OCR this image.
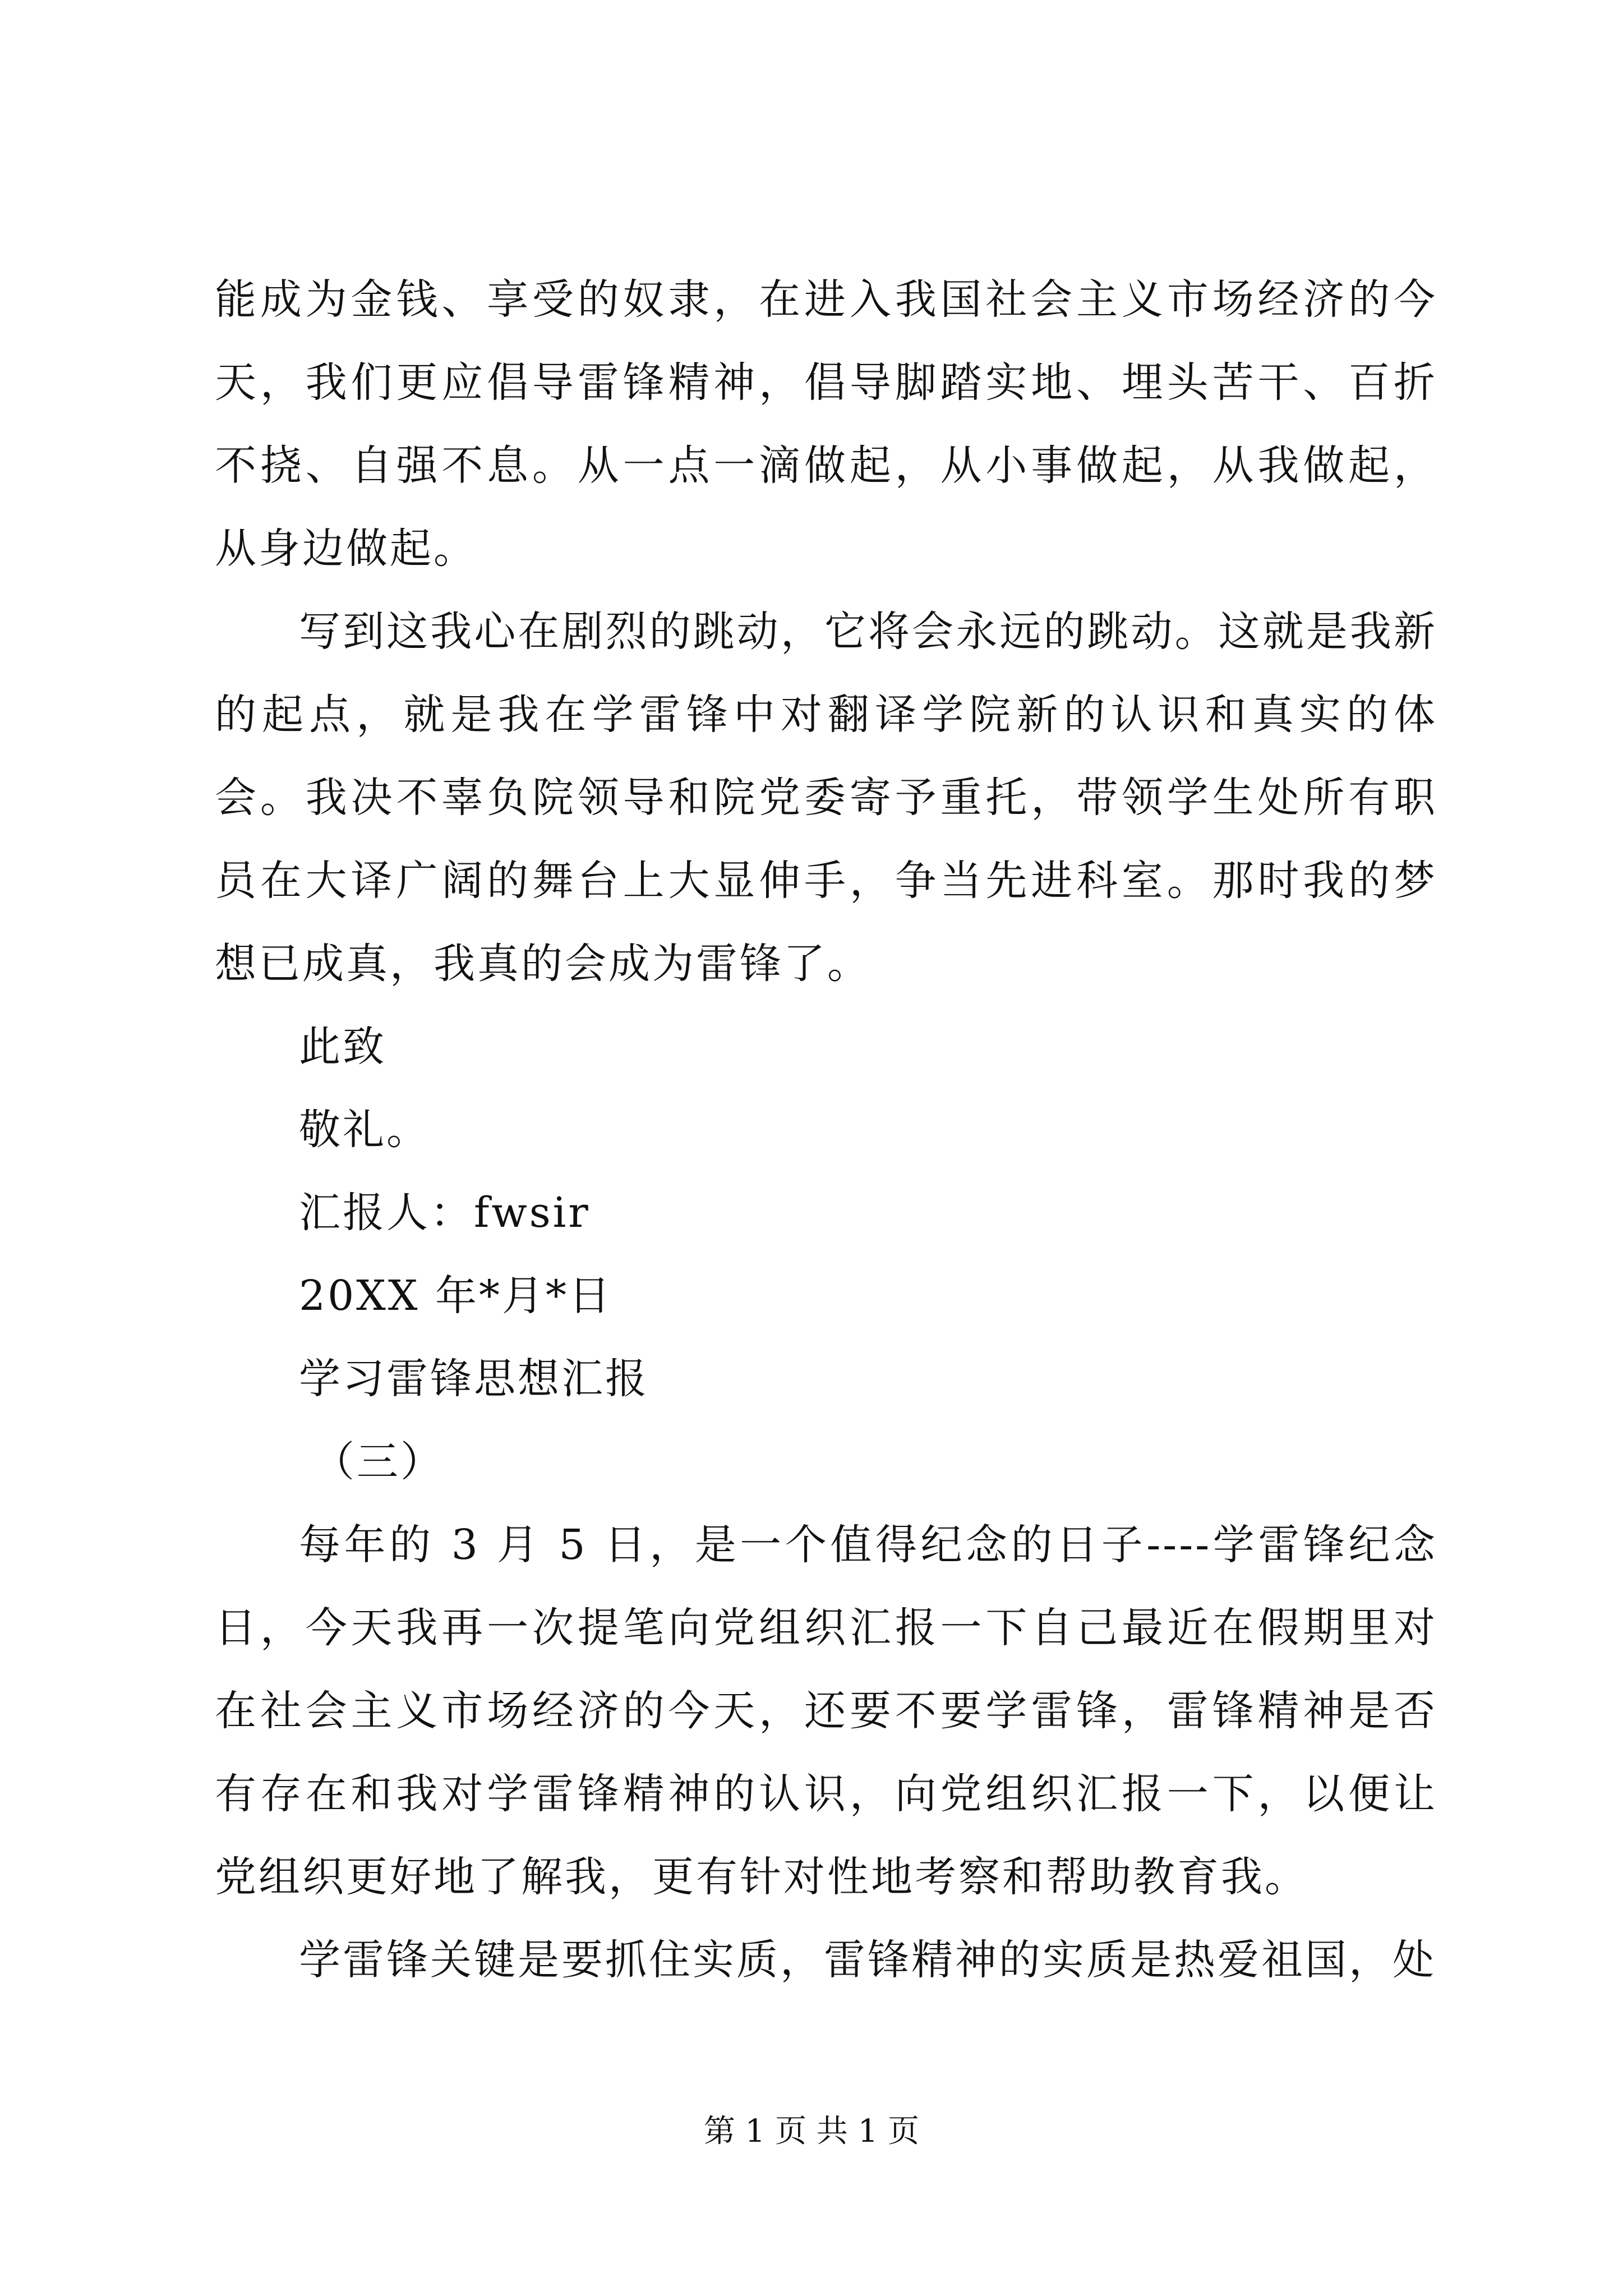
能成为金钱、享受的奴隶，在进入我国社会主义市场经济的今天，我们更应倡导雷锋精神，倡导脚踏实地、埋头苦干、百折不挠、自强不息。从一点一滴做起，从小事做起，从我做起，从身边做起。

写到这我心在剧烈的跳动，它将会永远的跳动。这就是我新的起点，就是我在学雷锋中对翻译学院新的认识和真实的体会。我决不辜负院领导和院党委寄予重托，带领学生处所有职员在大译广阔的舞台上大显伸手，争当先进科室。那时我的梦想已成真，我真的会成为雷锋了。

此致

敬礼。

汇报人：fwsir

20XX 年*月*日

学习雷锋思想汇报

（三）

每年的 3 月 5 日，是一个值得纪念的日子----学雷锋纪念日，今天我再一次提笔向党组织汇报一下自己最近在假期里对在社会主义市场经济的今天，还要不要学雷锋，雷锋精神是否有存在和我对学雷锋精神的认识，向党组织汇报一下，以便让党组织更好地了解我，更有针对性地考察和帮助教育我。

学雷锋关键是要抓住实质，雷锋精神的实质是热爱祖国，处

第 1 页 共 1 页
